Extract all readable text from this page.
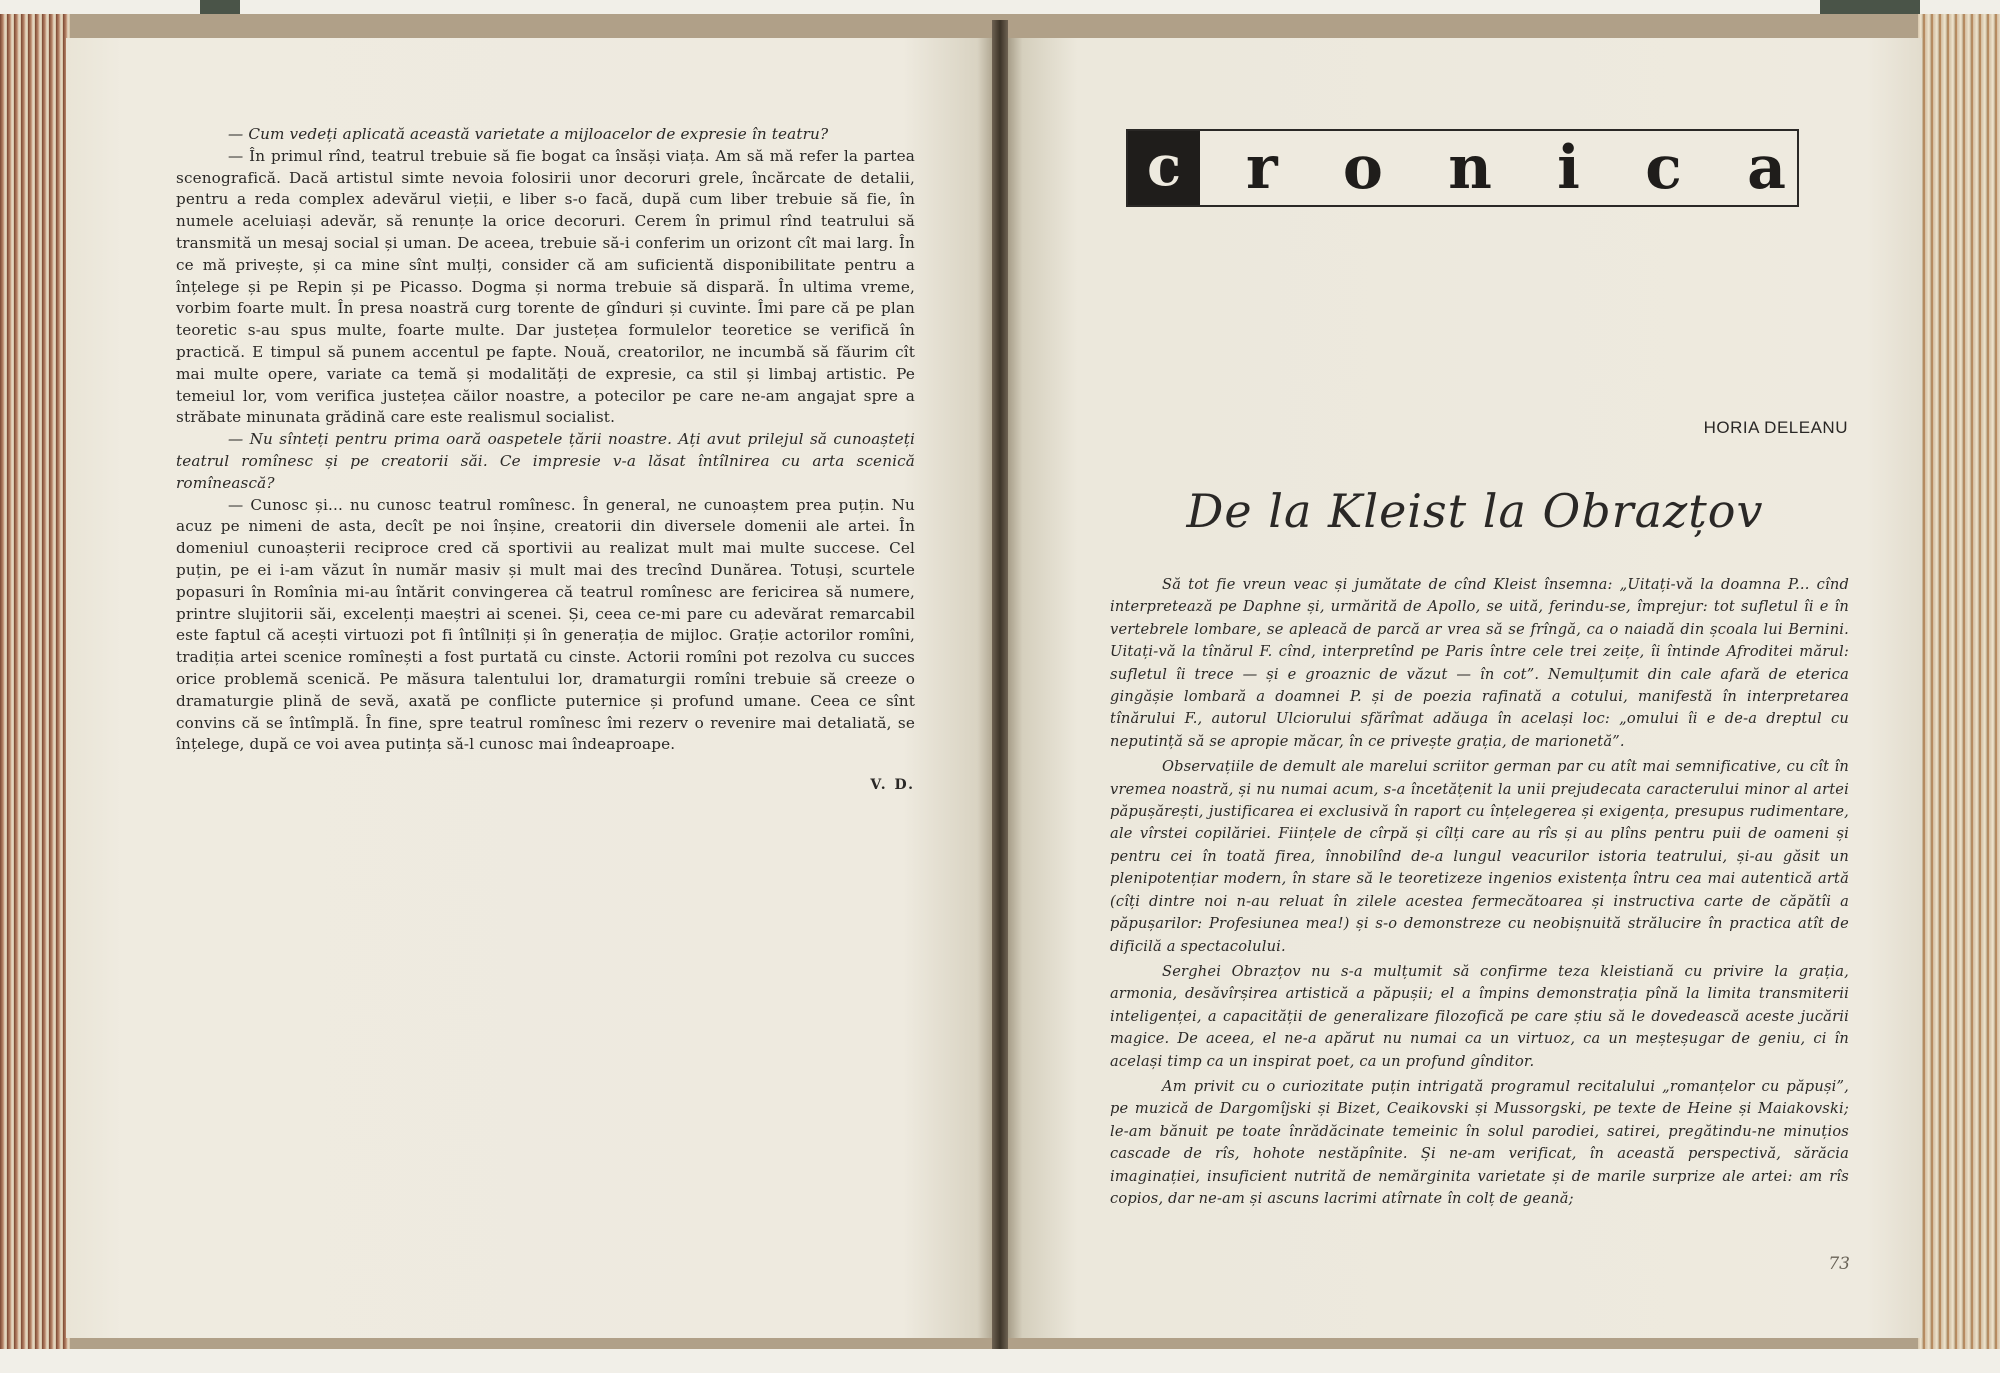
— Cum vedeți aplicată această varietate a mijloacelor de expresie în teatru?

— În primul rînd, teatrul trebuie să fie bogat ca însăși viața. Am să mă refer la partea scenografică. Dacă artistul simte nevoia folosirii unor decoruri grele, încărcate de detalii, pentru a reda complex adevărul vieții, e liber s-o facă, după cum liber trebuie să fie, în numele aceluiași adevăr, să renunțe la orice decoruri. Cerem în primul rînd teatrului să transmită un mesaj social și uman. De aceea, trebuie să-i conferim un orizont cît mai larg. În ce mă privește, și ca mine sînt mulți, consider că am suficientă disponibilitate pentru a înțelege și pe Repin și pe Picasso. Dogma și norma trebuie să dispară. În ultima vreme, vorbim foarte mult. În presa noastră curg torente de gînduri și cuvinte. Îmi pare că pe plan teoretic s-au spus multe, foarte multe. Dar justețea formulelor teoretice se verifică în practică. E timpul să punem accentul pe fapte. Nouă, creatorilor, ne incumbă să făurim cît mai multe opere, variate ca temă și modalități de expresie, ca stil și limbaj artistic. Pe temeiul lor, vom verifica justețea căilor noastre, a potecilor pe care ne-am angajat spre a străbate minunata grădină care este realismul socialist.

— Nu sînteți pentru prima oară oaspetele țării noastre. Ați avut prilejul să cunoașteți teatrul romînesc și pe creatorii săi. Ce impresie v-a lăsat întîlnirea cu arta scenică romînească?

— Cunosc și... nu cunosc teatrul romînesc. În general, ne cunoaștem prea puțin. Nu acuz pe nimeni de asta, decît pe noi înșine, creatorii din diversele domenii ale artei. În domeniul cunoașterii reciproce cred că sportivii au realizat mult mai multe succese. Cel puțin, pe ei i-am văzut în număr masiv și mult mai des trecînd Dunărea. Totuși, scurtele popasuri în Romînia mi-au întărit convingerea că teatrul romînesc are fericirea să numere, printre slujitorii săi, excelenți maeștri ai scenei. Și, ceea ce-mi pare cu adevărat remarcabil este faptul că acești virtuozi pot fi întîlniți și în generația de mijloc. Grație actorilor romîni, tradiția artei scenice romînești a fost purtată cu cinste. Actorii romîni pot rezolva cu succes orice problemă scenică. Pe măsura talentului lor, dramaturgii romîni trebuie să creeze o dramaturgie plină de sevă, axată pe conflicte puternice și profund umane. Ceea ce sînt convins că se întîmplă. În fine, spre teatrul romînesc îmi rezerv o revenire mai detaliată, se înțelege, după ce voi avea putința să-l cunosc mai îndeaproape.

V. D.
c	r o n i c a
HORIA DELEANU
De la Kleist la Obrazțov

Să tot fie vreun veac și jumătate de cînd Kleist însemna: „Uitați-vă la doamna P... cînd interpretează pe Daphne și, urmărită de Apollo, se uită, ferindu-se, împrejur: tot sufletul îi e în vertebrele lombare, se apleacă de parcă ar vrea să se frîngă, ca o naiadă din școala lui Bernini. Uitați-vă la tînărul F. cînd, interpretînd pe Paris între cele trei zeițe, îi întinde Afroditei mărul: sufletul îi trece — și e groaznic de văzut — în cot”. Nemulțumit din cale afară de eterica gingășie lombară a doamnei P. și de poezia rafinată a cotului, manifestă în interpretarea tînărului F., autorul Ulciorului sfărîmat adăuga în același loc: „omului îi e de-a dreptul cu neputință să se apropie măcar, în ce privește grația, de marionetă”.

Observațiile de demult ale marelui scriitor german par cu atît mai semnificative, cu cît în vremea noastră, și nu numai acum, s-a încetățenit la unii prejudecata caracterului minor al artei păpușărești, justificarea ei exclusivă în raport cu înțelegerea și exigența, presupus rudimentare, ale vîrstei copilăriei. Ființele de cîrpă și cîlți care au rîs și au plîns pentru puii de oameni și pentru cei în toată firea, înnobilînd de-a lungul veacurilor istoria teatrului, și-au găsit un plenipotențiar modern, în stare să le teoretizeze ingenios existența întru cea mai autentică artă (cîți dintre noi n-au reluat în zilele acestea fermecătoarea și instructiva carte de căpătîi a păpușarilor: Profesiunea mea!) și s-o demonstreze cu neobișnuită strălucire în practica atît de dificilă a spectacolului.

Serghei Obrazțov nu s-a mulțumit să confirme teza kleistiană cu privire la grația, armonia, desăvîrșirea artistică a păpușii; el a împins demonstrația pînă la limita transmiterii inteligenței, a capacității de generalizare filozofică pe care știu să le dovedească aceste jucării magice. De aceea, el ne-a apărut nu numai ca un virtuoz, ca un meșteșugar de geniu, ci în același timp ca un inspirat poet, ca un profund gînditor.

Am privit cu o curiozitate puțin intrigată programul recitalului „romanțelor cu păpuși”, pe muzică de Dargomîjski și Bizet, Ceaikovski și Mussorgski, pe texte de Heine și Maiakovski; le-am bănuit pe toate înrădăcinate temeinic în solul parodiei, satirei, pregătindu-ne minuțios cascade de rîs, hohote nestăpînite. Și ne-am verificat, în această perspectivă, sărăcia imaginației, insuficient nutrită de nemărginita varietate și de marile surprize ale artei: am rîs copios, dar ne-am și ascuns lacrimi atîrnate în colț de geană;

73
